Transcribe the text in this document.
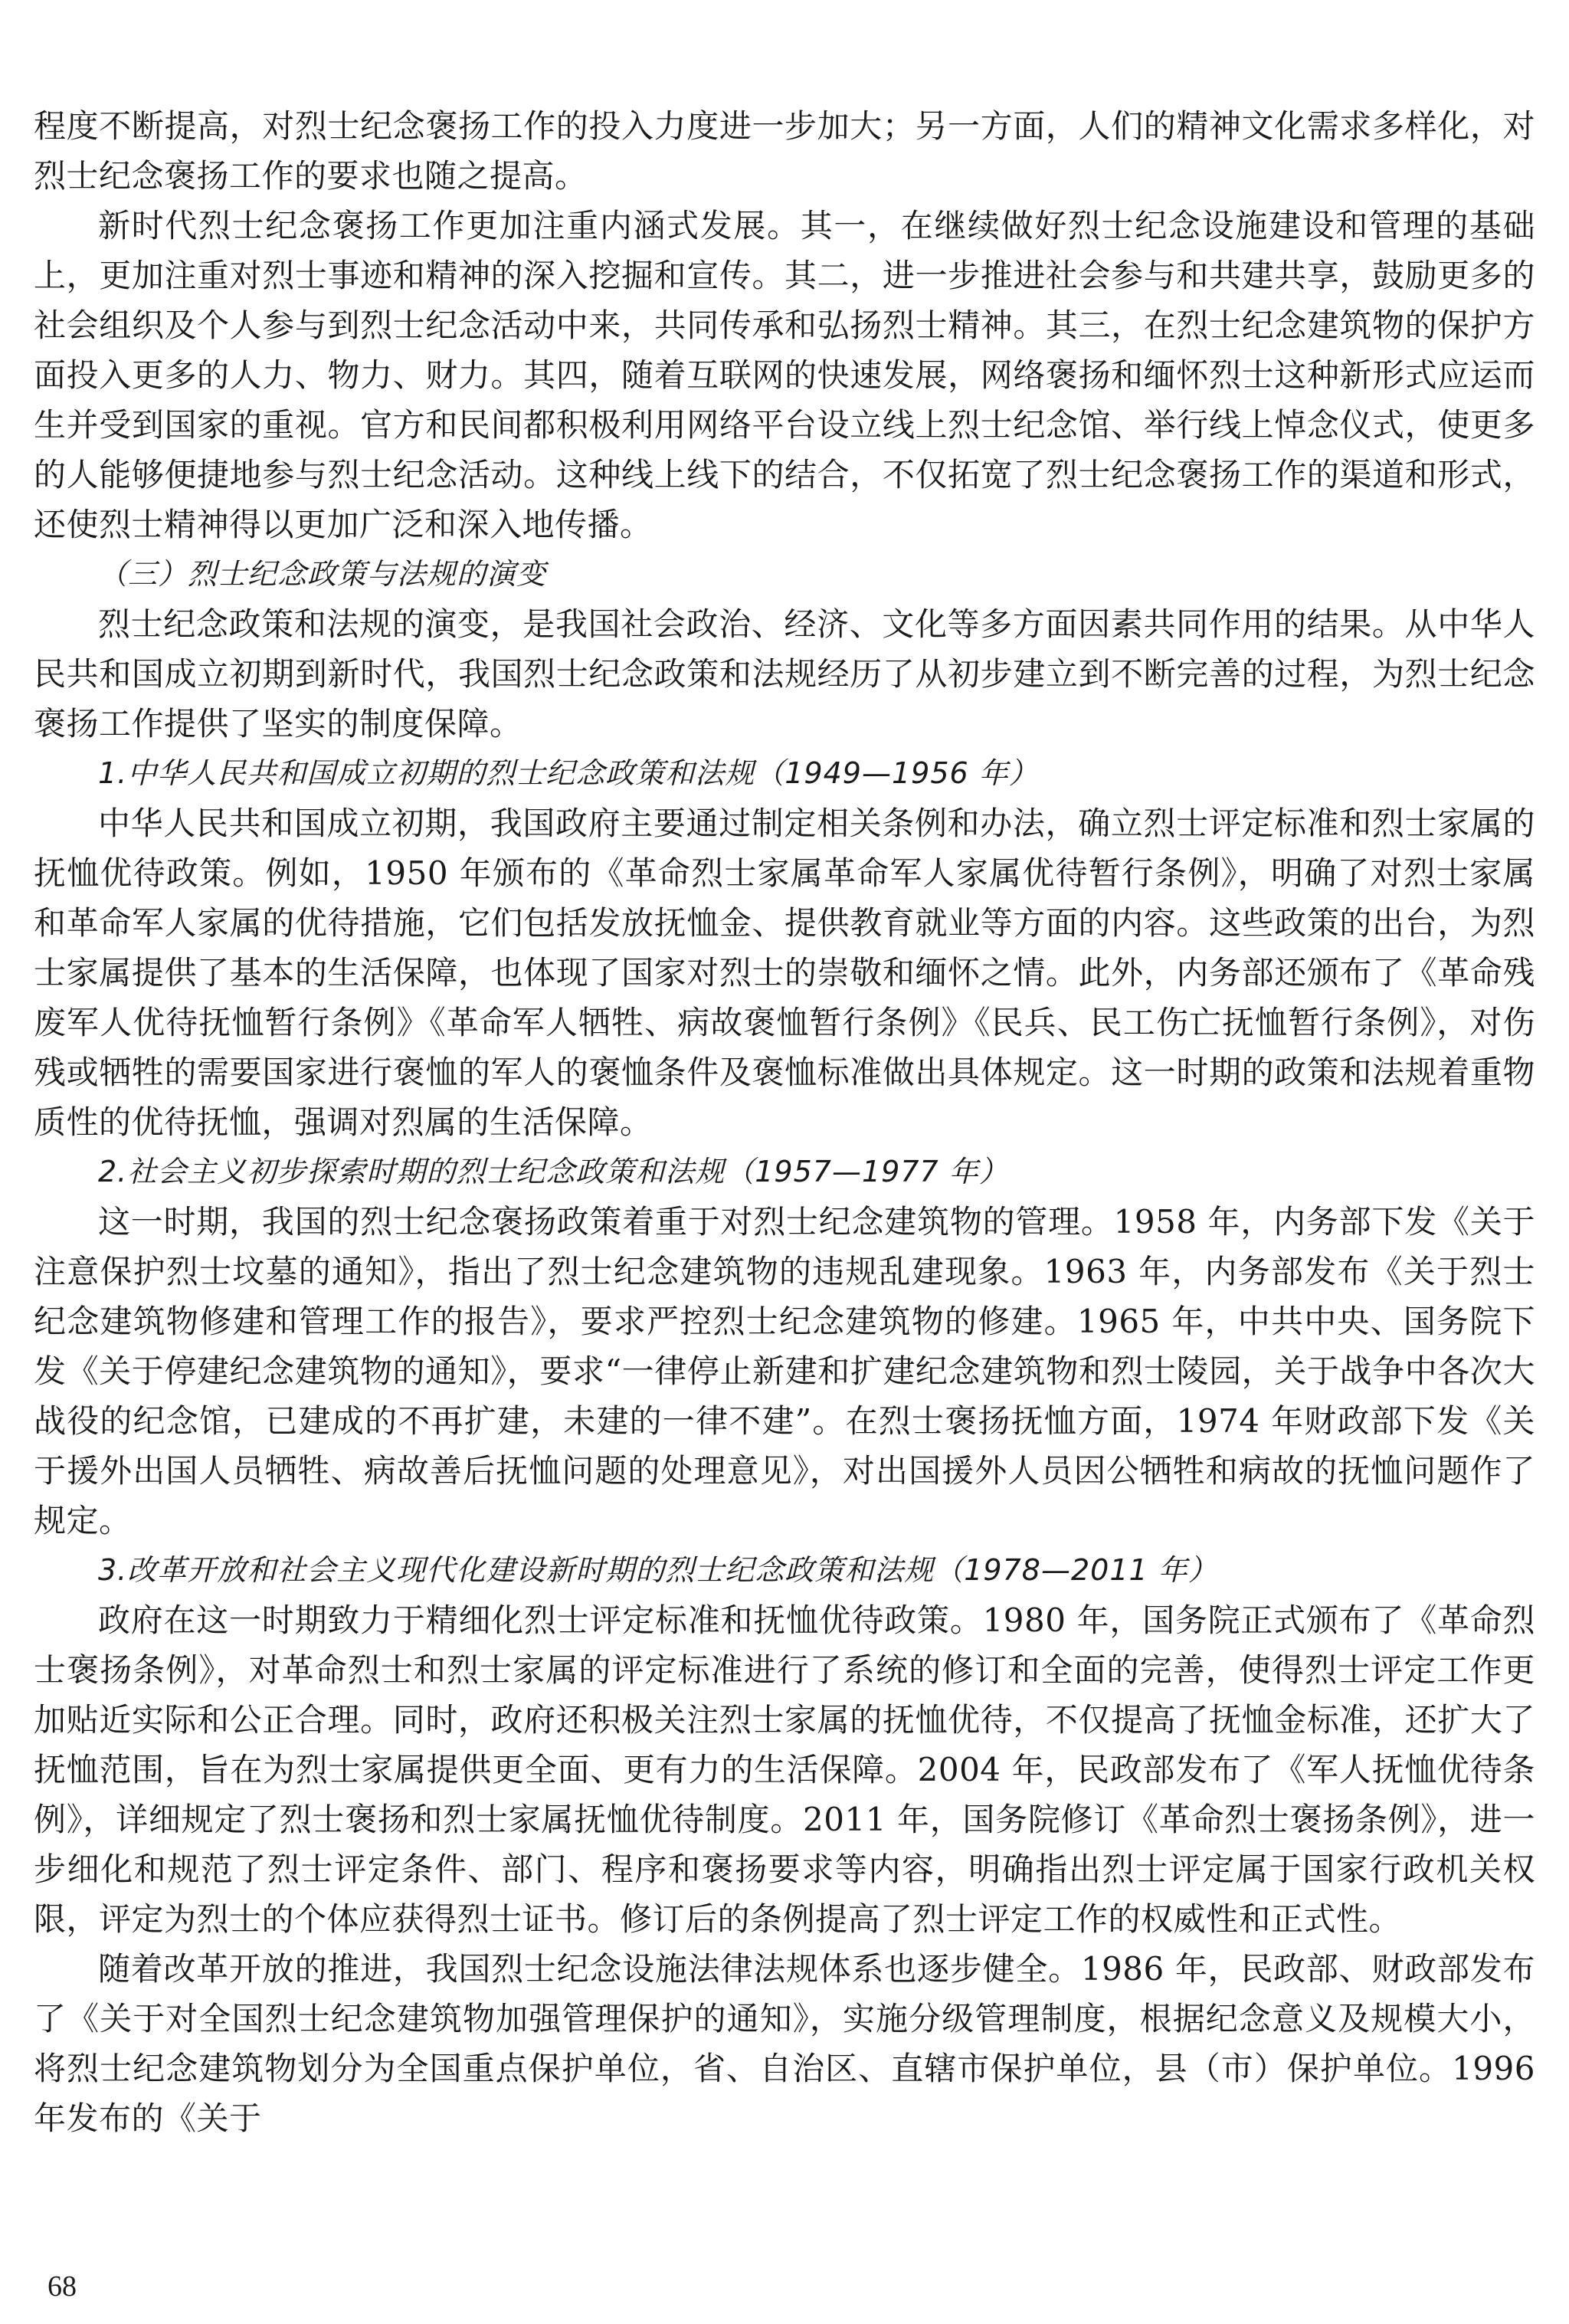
程度不断提高，对烈士纪念褒扬工作的投入力度进一步加大；另一方面，人们的精神文化需求多样化，对烈士纪念褒扬工作的要求也随之提高。

新时代烈士纪念褒扬工作更加注重内涵式发展。其一，在继续做好烈士纪念设施建设和管理的基础上，更加注重对烈士事迹和精神的深入挖掘和宣传。其二，进一步推进社会参与和共建共享，鼓励更多的社会组织及个人参与到烈士纪念活动中来，共同传承和弘扬烈士精神。其三，在烈士纪念建筑物的保护方面投入更多的人力、物力、财力。其四，随着互联网的快速发展，网络褒扬和缅怀烈士这种新形式应运而生并受到国家的重视。官方和民间都积极利用网络平台设立线上烈士纪念馆、举行线上悼念仪式，使更多的人能够便捷地参与烈士纪念活动。这种线上线下的结合，不仅拓宽了烈士纪念褒扬工作的渠道和形式，还使烈士精神得以更加广泛和深入地传播。

（三）烈士纪念政策与法规的演变

烈士纪念政策和法规的演变，是我国社会政治、经济、文化等多方面因素共同作用的结果。从中华人民共和国成立初期到新时代，我国烈士纪念政策和法规经历了从初步建立到不断完善的过程，为烈士纪念褒扬工作提供了坚实的制度保障。

1.中华人民共和国成立初期的烈士纪念政策和法规（1949—1956 年）

中华人民共和国成立初期，我国政府主要通过制定相关条例和办法，确立烈士评定标准和烈士家属的抚恤优待政策。例如，1950 年颁布的《革命烈士家属革命军人家属优待暂行条例》，明确了对烈士家属和革命军人家属的优待措施，它们包括发放抚恤金、提供教育就业等方面的内容。这些政策的出台，为烈士家属提供了基本的生活保障，也体现了国家对烈士的崇敬和缅怀之情。此外，内务部还颁布了《革命残废军人优待抚恤暂行条例》《革命军人牺牲、病故褒恤暂行条例》《民兵、民工伤亡抚恤暂行条例》，对伤残或牺牲的需要国家进行褒恤的军人的褒恤条件及褒恤标准做出具体规定。这一时期的政策和法规着重物质性的优待抚恤，强调对烈属的生活保障。

2.社会主义初步探索时期的烈士纪念政策和法规（1957—1977 年）

这一时期，我国的烈士纪念褒扬政策着重于对烈士纪念建筑物的管理。1958 年，内务部下发《关于注意保护烈士坟墓的通知》，指出了烈士纪念建筑物的违规乱建现象。1963 年，内务部发布《关于烈士纪念建筑物修建和管理工作的报告》，要求严控烈士纪念建筑物的修建。1965 年，中共中央、国务院下发《关于停建纪念建筑物的通知》，要求“一律停止新建和扩建纪念建筑物和烈士陵园，关于战争中各次大战役的纪念馆，已建成的不再扩建，未建的一律不建”。在烈士褒扬抚恤方面，1974 年财政部下发《关于援外出国人员牺牲、病故善后抚恤问题的处理意见》，对出国援外人员因公牺牲和病故的抚恤问题作了规定。

3.改革开放和社会主义现代化建设新时期的烈士纪念政策和法规（1978—2011 年）

政府在这一时期致力于精细化烈士评定标准和抚恤优待政策。1980 年，国务院正式颁布了《革命烈士褒扬条例》，对革命烈士和烈士家属的评定标准进行了系统的修订和全面的完善，使得烈士评定工作更加贴近实际和公正合理。同时，政府还积极关注烈士家属的抚恤优待，不仅提高了抚恤金标准，还扩大了抚恤范围，旨在为烈士家属提供更全面、更有力的生活保障。2004 年，民政部发布了《军人抚恤优待条例》，详细规定了烈士褒扬和烈士家属抚恤优待制度。2011 年，国务院修订《革命烈士褒扬条例》，进一步细化和规范了烈士评定条件、部门、程序和褒扬要求等内容，明确指出烈士评定属于国家行政机关权限，评定为烈士的个体应获得烈士证书。修订后的条例提高了烈士评定工作的权威性和正式性。

随着改革开放的推进，我国烈士纪念设施法律法规体系也逐步健全。1986 年，民政部、财政部发布了《关于对全国烈士纪念建筑物加强管理保护的通知》，实施分级管理制度，根据纪念意义及规模大小，将烈士纪念建筑物划分为全国重点保护单位，省、自治区、直辖市保护单位，县（市）保护单位。1996 年发布的《关于

68
